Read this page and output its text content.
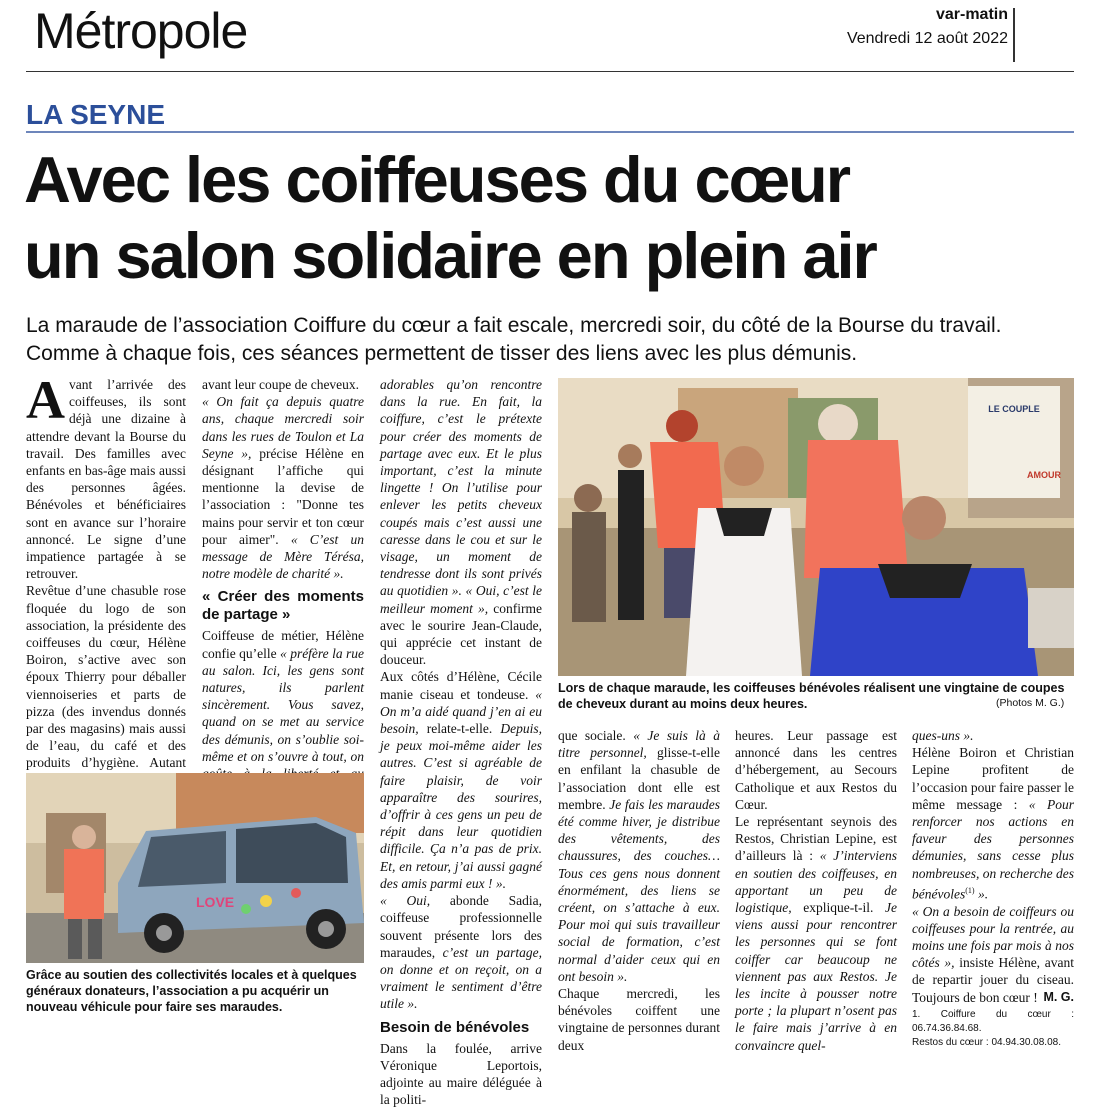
Métropole	var-matin
Vendredi 12 août 2022
LA SEYNE
Avec les coiffeuses du cœur
un salon solidaire en plein air
La maraude de l’association Coiffure du cœur a fait escale, mercredi soir, du côté de la Bourse du travail. Comme à chaque fois, ces séances permettent de tisser des liens avec les plus démunis.

Avant l’arrivée des coiffeuses, ils sont déjà une dizaine à attendre devant la Bourse du travail. Des familles avec enfants en bas-âge mais aussi des personnes âgées. Bénévoles et bénéficiaires sont en avance sur l’horaire annoncé. Le signe d’une impatience partagée à se retrouver.

Revêtue d’une chasuble rose floquée du logo de son association, la présidente des coiffeuses du cœur, Hélène Boiron, s’active avec son époux Thierry pour déballer viennoiseries et parts de pizza (des invendus donnés par des magasins) mais aussi de l’eau, du café et des produits d’hygiène. Autant

avant leur coupe de cheveux.
« On fait ça depuis quatre ans, chaque mercredi soir dans les rues de Toulon et La Seyne », précise Hélène en désignant l’affiche qui mentionne la devise de l’association : "Donne tes mains pour servir et ton cœur pour aimer". « C’est un message de Mère Térésa, notre modèle de charité ».

« Créer des moments de partage »

Coiffeuse de métier, Hélène confie qu’elle « préfère la rue au salon. Ici, les gens sont natures, ils parlent sincèrement. Vous savez, quand on se met au service des démunis, on s’oublie soi-même et on s’ouvre à tout, on

adorables qu’on rencontre dans la rue. En fait, la coiffure, c’est le prétexte pour créer des moments de partage avec eux. Et le plus important, c’est la minute lingette ! On l’utilise pour enlever les petits cheveux coupés mais c’est aussi une caresse dans le cou et sur le visage, un moment de tendresse dont ils sont privés au quotidien ». « Oui, c’est le meilleur moment », confirme avec le sourire Jean-Claude, qui apprécie cet instant de douceur.

Aux côtés d’Hélène, Cécile manie ciseau et tondeuse. « On m’a aidé quand j’en ai eu besoin, relate-t-elle. Depuis, je peux moi-même aider les autres. C’est si agréable de faire plaisir, de voir apparaître des sourires, d’offrir à ces gens un peu de répit dans leur quotidien difficile. Ça n’a pas de prix. Et, en retour, j’ai aussi gagné des amis parmi eux ! ».

« Oui, abonde Sadia, coiffeuse professionnelle souvent présente lors des maraudes, c’est un partage, on donne et on reçoit, on a vraiment le sentiment d’être utile ».

Besoin de bénévoles

Dans la foulée, arrive Véronique Leportois, adjointe au maire déléguée à la politi-

LE COUPLE
AMOUR
Lors de chaque maraude, les coiffeuses bénévoles réalisent une vingtaine de coupes de cheveux durant au moins deux heures.	(Photos M. G.)
LOVE
Grâce au soutien des collectivités locales et à quelques généraux donateurs, l’association a pu acquérir un nouveau véhicule pour faire ses maraudes.

que sociale. « Je suis là à titre personnel, glisse-t-elle en enfilant la chasuble de l’association dont elle est membre. Je fais les maraudes été comme hiver, je distribue des vêtements, des chaussures, des couches… Tous ces gens nous donnent énormément, des liens se créent, on s’attache à eux. Pour moi qui suis travailleur social de formation, c’est normal d’aider ceux qui en ont besoin ».

Chaque mercredi, les bénévoles coiffent une vingtaine de personnes durant deux

heures. Leur passage est annoncé dans les centres d’hébergement, au Secours Catholique et aux Restos du Cœur.

Le représentant seynois des Restos, Christian Lepine, est d’ailleurs là : « J’interviens en soutien des coiffeuses, en apportant un peu de logistique, explique-t-il. Je viens aussi pour rencontrer les personnes qui se font coiffer car beaucoup ne viennent pas aux Restos. Je les incite à pousser notre porte ; la plupart n’osent pas le faire mais j’arrive à en convaincre quel-

ques-uns ».

Hélène Boiron et Christian Lepine profitent de l’occasion pour faire passer le même message : « Pour renforcer nos actions en faveur des personnes démunies, sans cesse plus nombreuses, on recherche des bénévoles$^{(1)}$ ».

« On a besoin de coiffeurs ou coiffeuses pour la rentrée, au moins une fois par mois à nos côtés », insiste Hélène, avant de repartir jouer du ciseau. Toujours de bon cœur ! M. G.

1. Coiffure du cœur : 06.74.36.84.68.
Restos du cœur : 04.94.30.08.08.
